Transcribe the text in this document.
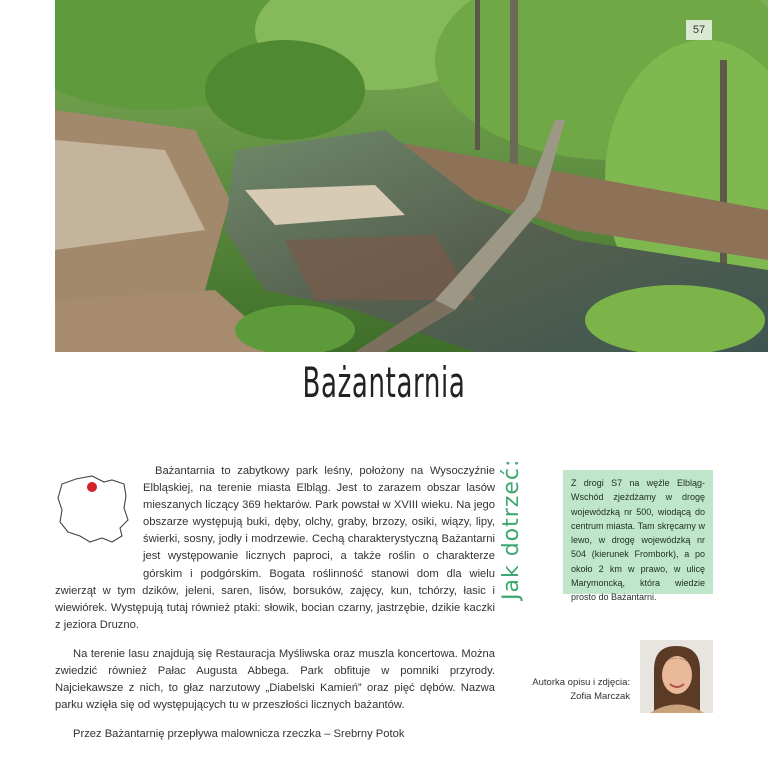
57
Bażantarnia

Bażantarnia to zabytkowy park leśny, położony na Wysoczyźnie Elbląskiej, na terenie miasta Elbląg. Jest to zarazem obszar lasów mieszanych liczący 369 hektarów. Park powstał w XVIII wieku. Na jego obszarze występują buki, dęby, olchy, graby, brzozy, osiki, wiązy, lipy, świerki, sosny, jodły i modrzewie. Cechą charakterystyczną Bażantarni jest występowanie licznych paproci, a także roślin o charakterze górskim i podgórskim. Bogata roślinność stanowi dom dla wielu zwierząt w tym dzików, jeleni, saren, lisów, borsuków, zajęcy, kun, tchórzy, łasic i wiewiórek. Występują tutaj również ptaki: słowik, bocian czarny, jastrzębie, dzikie kaczki z jeziora Druzno.

Na terenie lasu znajdują się Restauracja Myśliwska oraz muszla koncertowa. Można zwiedzić również Pałac Augusta Abbega. Park obfituje w pomniki przyrody. Najciekawsze z nich, to głaz narzutowy „Diabelski Kamień” oraz pięć dębów. Nazwa parku wzięła się od występujących tu w przeszłości licznych bażantów.

Przez Bażantarnię przepływa malownicza rzeczka – Srebrny Potok

Jak dotrzeć:	Z drogi S7 na węźle Elbląg-Wschód zjeżdżamy w drogę wojewódzką nr 500, wiodącą do centrum miasta. Tam skręcamy w lewo, w drogę wojewódzką nr 504 (kierunek Frombork), a po około 2 km w prawo, w ulicę Marymoncką, która wiedzie prosto do Bażantarni.
Autorka opisu i zdjęcia:
Zofia Marczak
